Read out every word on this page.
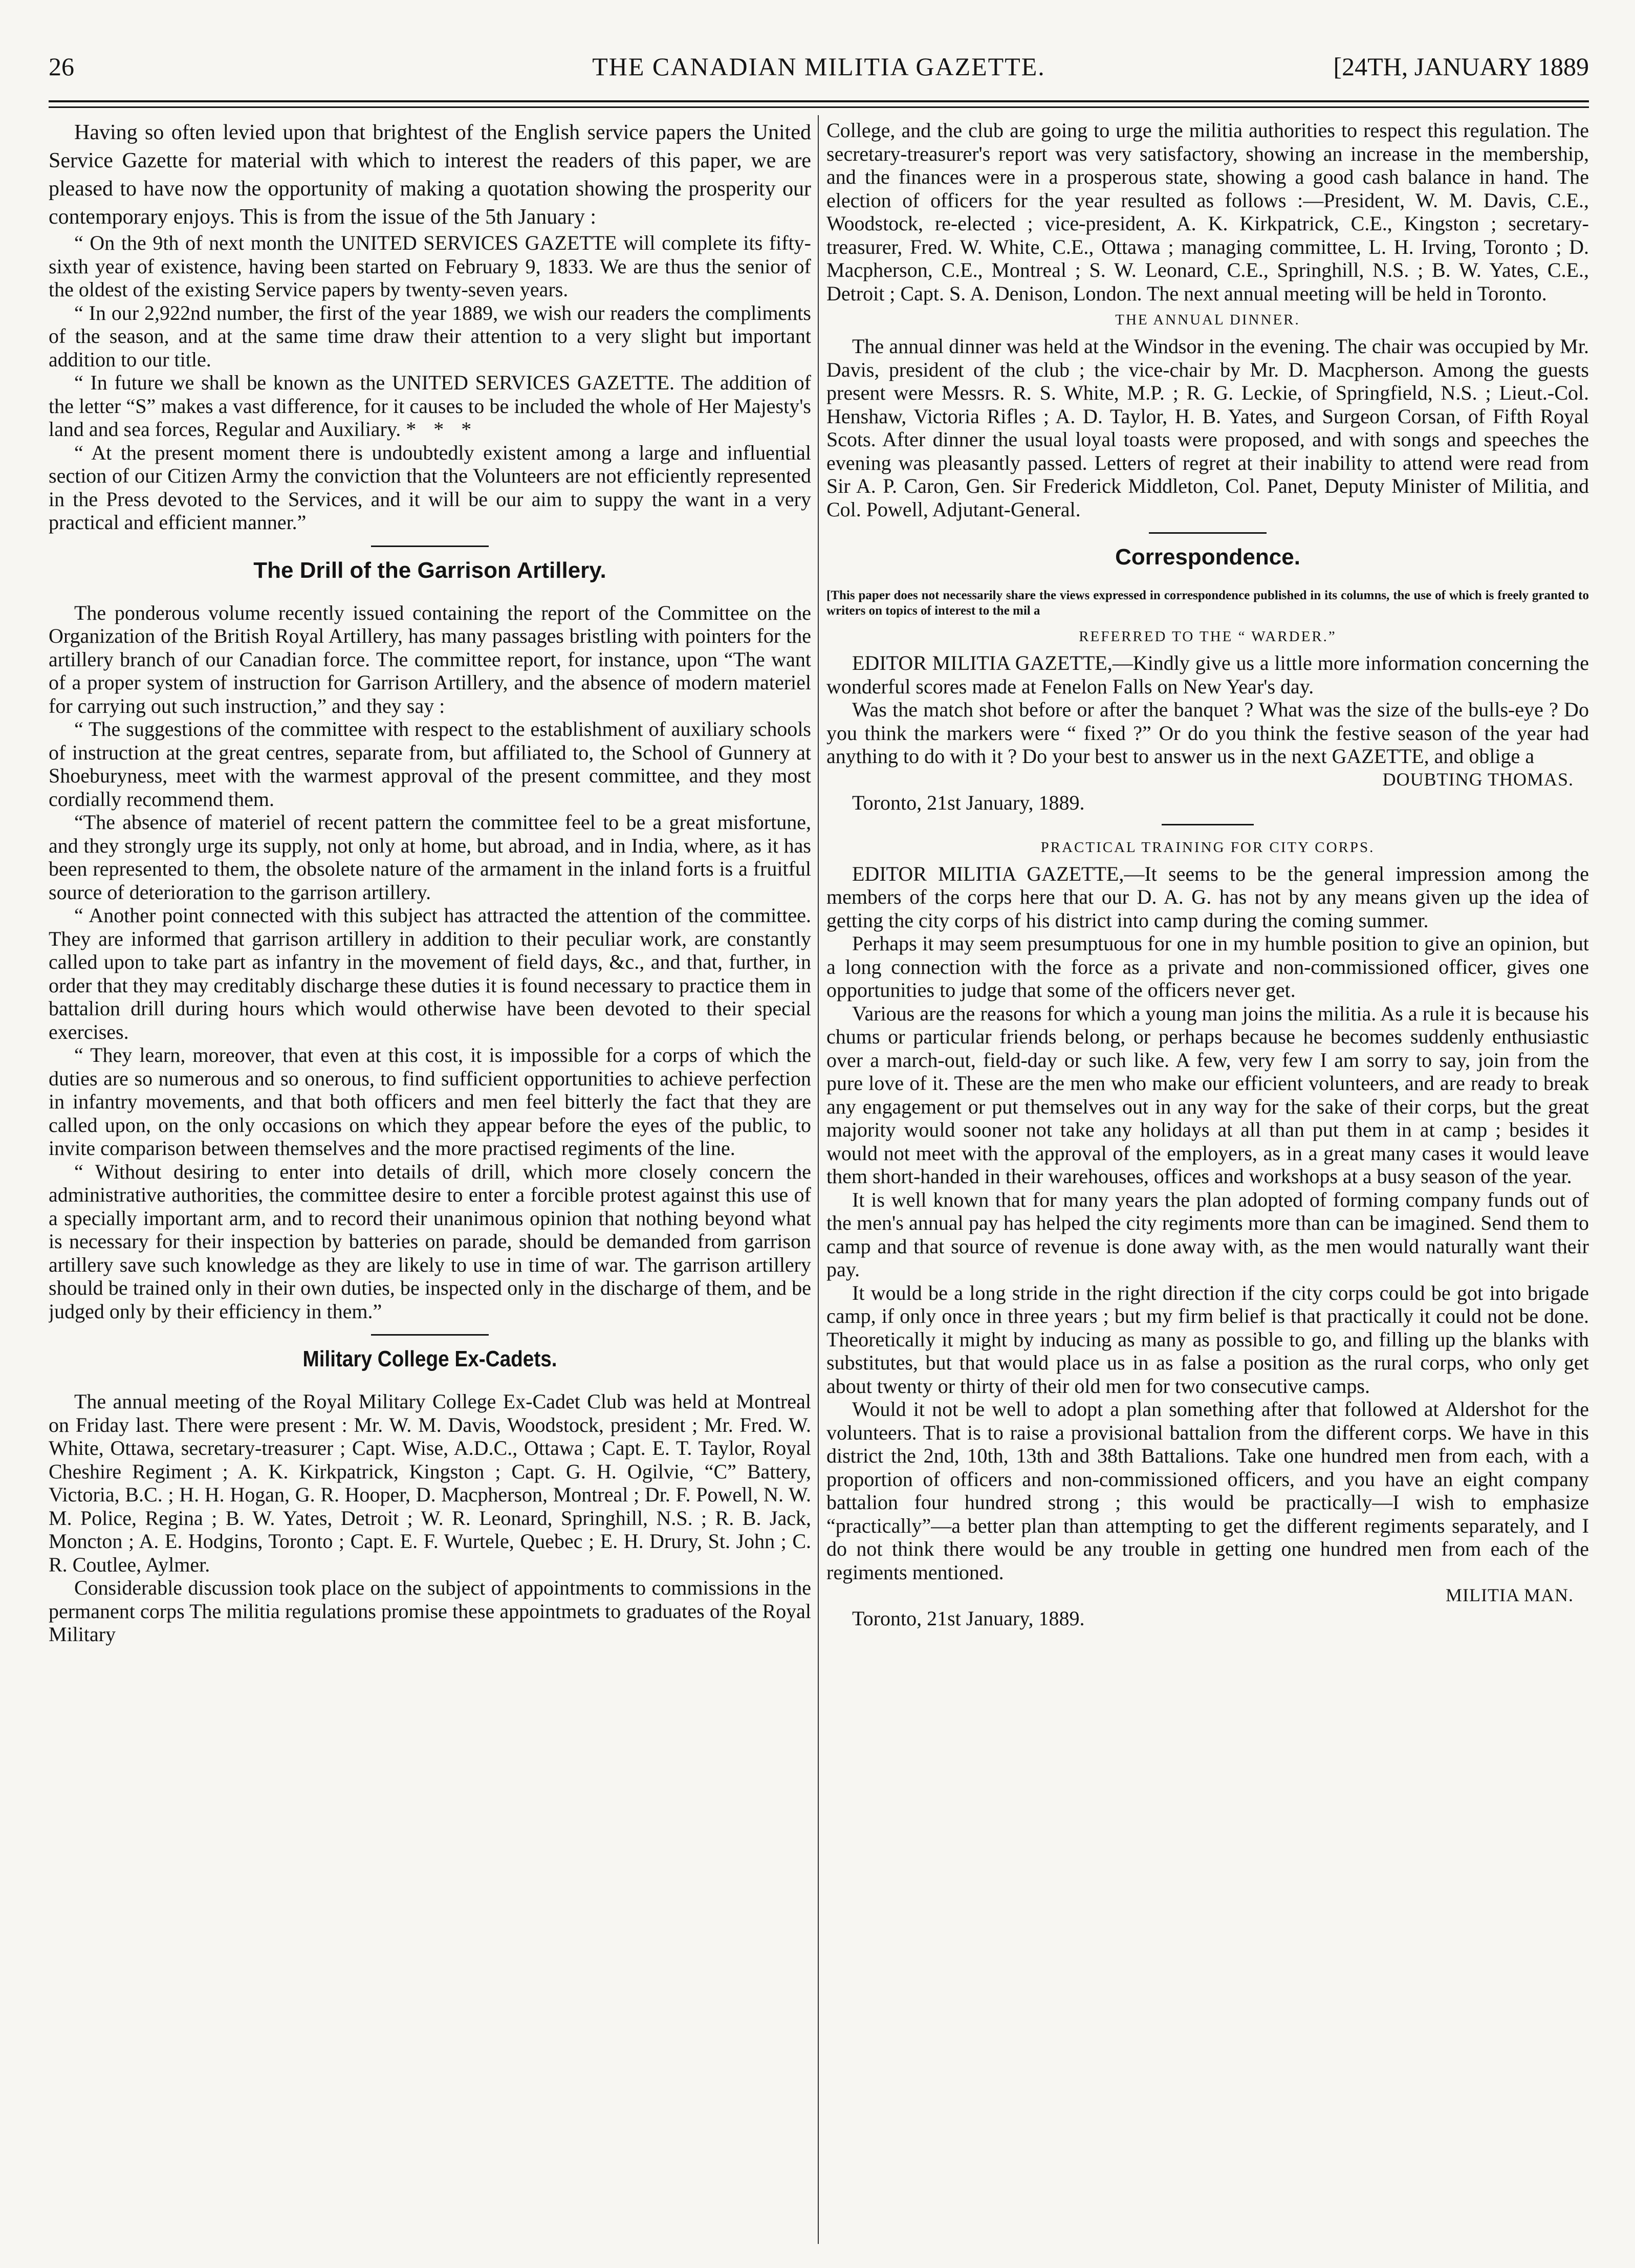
26	THE CANADIAN MILITIA GAZETTE.	[24TH, JANUARY 1889

Having so often levied upon that brightest of the English service papers the United Service Gazette for material with which to interest the readers of this paper, we are pleased to have now the opportunity of making a quotation showing the prosperity our contemporary enjoys. This is from the issue of the 5th January :

“ On the 9th of next month the UNITED SERVICES GAZETTE will complete its fifty-sixth year of existence, having been started on February 9, 1833. We are thus the senior of the oldest of the existing Service papers by twenty-seven years.

“ In our 2,922nd number, the first of the year 1889, we wish our readers the compliments of the season, and at the same time draw their attention to a very slight but important addition to our title.

“ In future we shall be known as the UNITED SERVICES GAZETTE. The addition of the letter “S” makes a vast difference, for it causes to be included the whole of Her Majesty's land and sea forces, Regular and Auxiliary. * * *

“ At the present moment there is undoubtedly existent among a large and influential section of our Citizen Army the conviction that the Volunteers are not efficiently represented in the Press devoted to the Services, and it will be our aim to suppy the want in a very practical and efficient manner.”

The Drill of the Garrison Artillery.

The ponderous volume recently issued containing the report of the Committee on the Organization of the British Royal Artillery, has many passages bristling with pointers for the artillery branch of our Canadian force. The committee report, for instance, upon “The want of a proper system of instruction for Garrison Artillery, and the absence of modern materiel for carrying out such instruction,” and they say :

“ The suggestions of the committee with respect to the establishment of auxiliary schools of instruction at the great centres, separate from, but affiliated to, the School of Gunnery at Shoeburyness, meet with the warmest approval of the present committee, and they most cordially recommend them.

“The absence of materiel of recent pattern the committee feel to be a great misfortune, and they strongly urge its supply, not only at home, but abroad, and in India, where, as it has been represented to them, the obsolete nature of the armament in the inland forts is a fruitful source of deterioration to the garrison artillery.

“ Another point connected with this subject has attracted the attention of the committee. They are informed that garrison artillery in addition to their peculiar work, are constantly called upon to take part as infantry in the movement of field days, &c., and that, further, in order that they may creditably discharge these duties it is found necessary to practice them in battalion drill during hours which would otherwise have been devoted to their special exercises.

“ They learn, moreover, that even at this cost, it is impossible for a corps of which the duties are so numerous and so onerous, to find sufficient opportunities to achieve perfection in infantry movements, and that both officers and men feel bitterly the fact that they are called upon, on the only occasions on which they appear before the eyes of the public, to invite comparison between themselves and the more practised regiments of the line.

“ Without desiring to enter into details of drill, which more closely concern the administrative authorities, the committee desire to enter a forcible protest against this use of a specially important arm, and to record their unanimous opinion that nothing beyond what is necessary for their inspection by batteries on parade, should be demanded from garrison artillery save such knowledge as they are likely to use in time of war. The garrison artillery should be trained only in their own duties, be inspected only in the discharge of them, and be judged only by their efficiency in them.”

Military College Ex-Cadets.

The annual meeting of the Royal Military College Ex-Cadet Club was held at Montreal on Friday last. There were present : Mr. W. M. Davis, Woodstock, president ; Mr. Fred. W. White, Ottawa, secretary-treasurer ; Capt. Wise, A.D.C., Ottawa ; Capt. E. T. Taylor, Royal Cheshire Regiment ; A. K. Kirkpatrick, Kingston ; Capt. G. H. Ogilvie, “C” Battery, Victoria, B.C. ; H. H. Hogan, G. R. Hooper, D. Macpherson, Montreal ; Dr. F. Powell, N. W. M. Police, Regina ; B. W. Yates, Detroit ; W. R. Leonard, Springhill, N.S. ; R. B. Jack, Moncton ; A. E. Hodgins, Toronto ; Capt. E. F. Wurtele, Quebec ; E. H. Drury, St. John ; C. R. Coutlee, Aylmer.

Considerable discussion took place on the subject of appointments to commissions in the permanent corps The militia regulations promise these appointmets to graduates of the Royal Military

College, and the club are going to urge the militia authorities to respect this regulation. The secretary-treasurer's report was very satisfactory, showing an increase in the membership, and the finances were in a prosperous state, showing a good cash balance in hand. The election of officers for the year resulted as follows :—President, W. M. Davis, C.E., Woodstock, re-elected ; vice-president, A. K. Kirkpatrick, C.E., Kingston ; secretary-treasurer, Fred. W. White, C.E., Ottawa ; managing committee, L. H. Irving, Toronto ; D. Macpherson, C.E., Montreal ; S. W. Leonard, C.E., Springhill, N.S. ; B. W. Yates, C.E., Detroit ; Capt. S. A. Denison, London. The next annual meeting will be held in Toronto.

THE ANNUAL DINNER.

The annual dinner was held at the Windsor in the evening. The chair was occupied by Mr. Davis, president of the club ; the vice-chair by Mr. D. Macpherson. Among the guests present were Messrs. R. S. White, M.P. ; R. G. Leckie, of Springfield, N.S. ; Lieut.-Col. Henshaw, Victoria Rifles ; A. D. Taylor, H. B. Yates, and Surgeon Corsan, of Fifth Royal Scots. After dinner the usual loyal toasts were proposed, and with songs and speeches the evening was pleasantly passed. Letters of regret at their inability to attend were read from Sir A. P. Caron, Gen. Sir Frederick Middleton, Col. Panet, Deputy Minister of Militia, and Col. Powell, Adjutant-General.

Correspondence.
[This paper does not necessarily share the views expressed in correspondence published in its columns, the use of which is freely granted to writers on topics of interest to the mil a
REFERRED TO THE “ WARDER.”

EDITOR MILITIA GAZETTE,—Kindly give us a little more information concerning the wonderful scores made at Fenelon Falls on New Year's day.

Was the match shot before or after the banquet ? What was the size of the bulls-eye ? Do you think the markers were “ fixed ?” Or do you think the festive season of the year had anything to do with it ? Do your best to answer us in the next GAZETTE, and oblige a

DOUBTING THOMAS.
Toronto, 21st January, 1889.
PRACTICAL TRAINING FOR CITY CORPS.

EDITOR MILITIA GAZETTE,—It seems to be the general impression among the members of the corps here that our D. A. G. has not by any means given up the idea of getting the city corps of his district into camp during the coming summer.

Perhaps it may seem presumptuous for one in my humble position to give an opinion, but a long connection with the force as a private and non-commissioned officer, gives one opportunities to judge that some of the officers never get.

Various are the reasons for which a young man joins the militia. As a rule it is because his chums or particular friends belong, or perhaps because he becomes suddenly enthusiastic over a march-out, field-day or such like. A few, very few I am sorry to say, join from the pure love of it. These are the men who make our efficient volunteers, and are ready to break any engagement or put themselves out in any way for the sake of their corps, but the great majority would sooner not take any holidays at all than put them in at camp ; besides it would not meet with the approval of the employers, as in a great many cases it would leave them short-handed in their warehouses, offices and workshops at a busy season of the year.

It is well known that for many years the plan adopted of forming company funds out of the men's annual pay has helped the city regiments more than can be imagined. Send them to camp and that source of revenue is done away with, as the men would naturally want their pay.

It would be a long stride in the right direction if the city corps could be got into brigade camp, if only once in three years ; but my firm belief is that practically it could not be done. Theoretically it might by inducing as many as possible to go, and filling up the blanks with substitutes, but that would place us in as false a position as the rural corps, who only get about twenty or thirty of their old men for two consecutive camps.

Would it not be well to adopt a plan something after that followed at Aldershot for the volunteers. That is to raise a provisional battalion from the different corps. We have in this district the 2nd, 10th, 13th and 38th Battalions. Take one hundred men from each, with a proportion of officers and non-commissioned officers, and you have an eight company battalion four hundred strong ; this would be practically—I wish to emphasize “practically”—a better plan than attempting to get the different regiments separately, and I do not think there would be any trouble in getting one hundred men from each of the regiments mentioned.

MILITIA MAN.
Toronto, 21st January, 1889.
